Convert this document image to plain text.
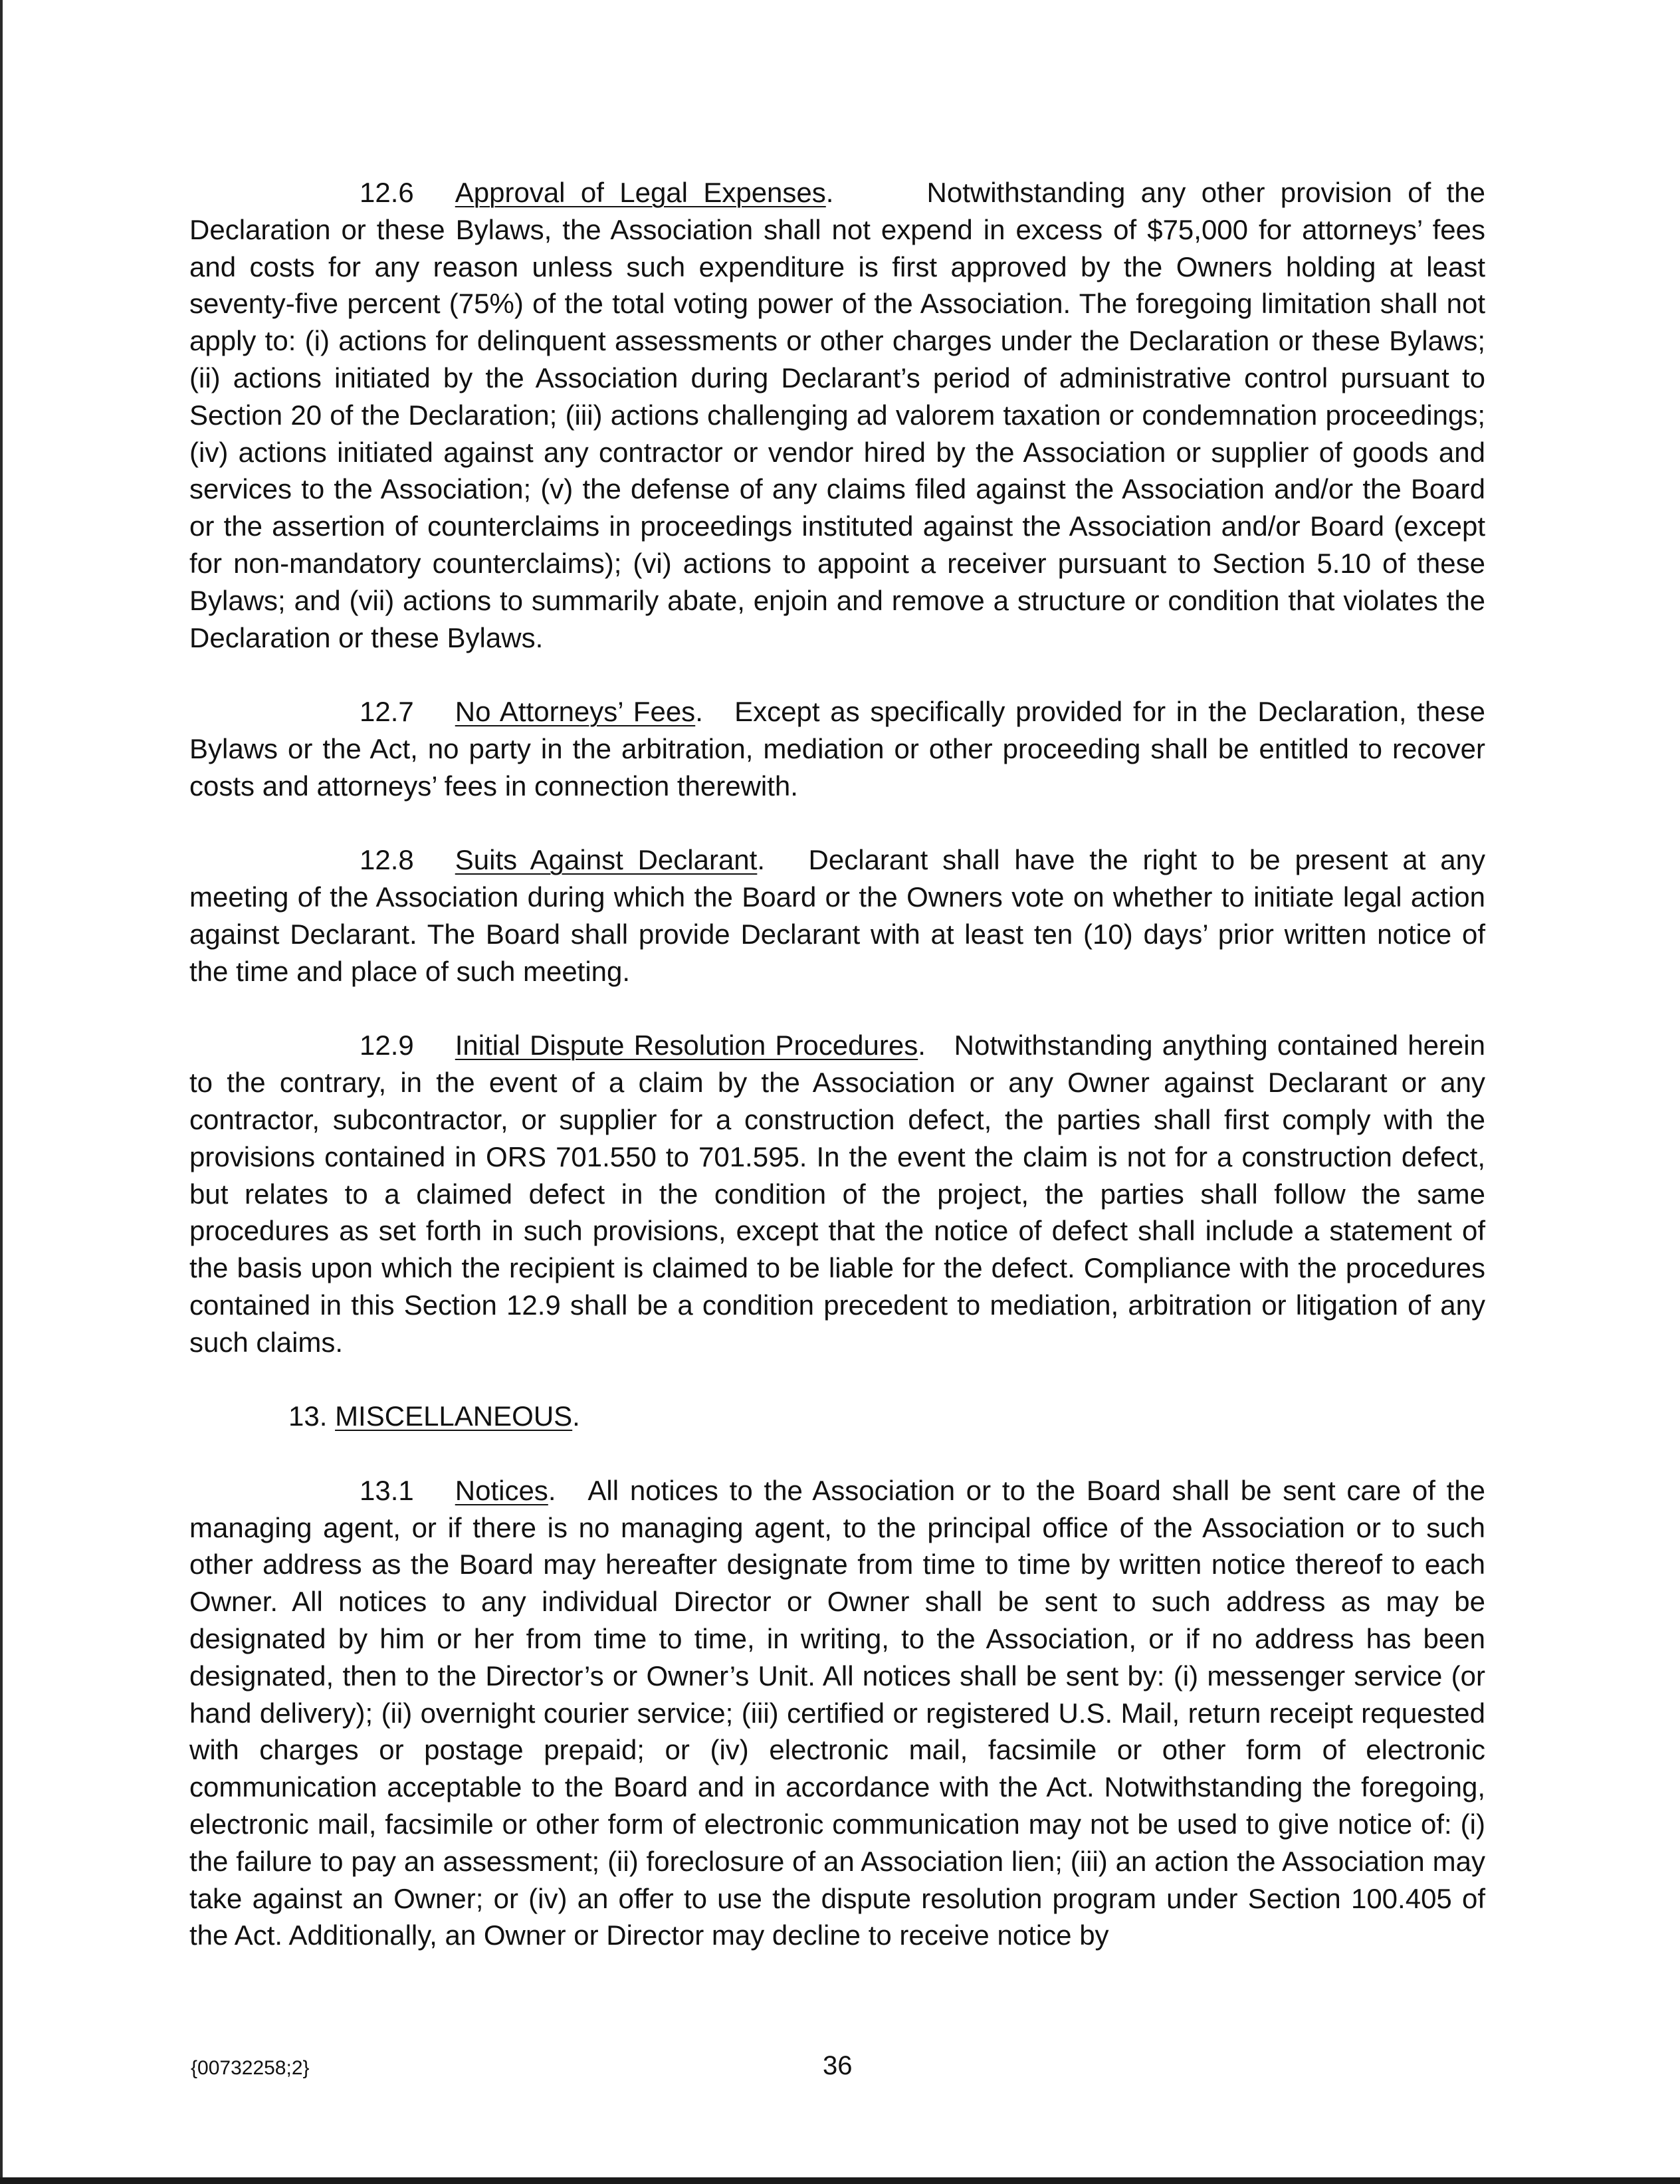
12.6 Approval of Legal Expenses.      Notwithstanding any other provision of the Declaration or these Bylaws, the Association shall not expend in excess of $75,000 for attorneys’ fees and costs for any reason unless such expenditure is first approved by the Owners holding at least seventy-five percent (75%) of the total voting power of the Association. The foregoing limitation shall not apply to: (i) actions for delinquent assessments or other charges under the Declaration or these Bylaws; (ii) actions initiated by the Association during Declarant’s period of administrative control pursuant to Section 20 of the Declaration; (iii) actions challenging ad valorem taxation or condemnation proceedings; (iv) actions initiated against any contractor or vendor hired by the Association or supplier of goods and services to the Association; (v) the defense of any claims filed against the Association and/or the Board or the assertion of counterclaims in proceedings instituted against the Association and/or Board (except for non-mandatory counterclaims); (vi) actions to appoint a receiver pursuant to Section 5.10 of these Bylaws; and (vii) actions to summarily abate, enjoin and remove a structure or condition that violates the Declaration or these Bylaws.

12.7 No Attorneys’ Fees.   Except as specifically provided for in the Declaration, these Bylaws or the Act, no party in the arbitration, mediation or other proceeding shall be entitled to recover costs and attorneys’ fees in connection therewith.

12.8 Suits Against Declarant.   Declarant shall have the right to be present at any meeting of the Association during which the Board or the Owners vote on whether to initiate legal action against Declarant. The Board shall provide Declarant with at least ten (10) days’ prior written notice of the time and place of such meeting.

12.9 Initial Dispute Resolution Procedures.   Notwithstanding anything contained herein to the contrary, in the event of a claim by the Association or any Owner against Declarant or any contractor, subcontractor, or supplier for a construction defect, the parties shall first comply with the provisions contained in ORS 701.550 to 701.595. In the event the claim is not for a construction defect, but relates to a claimed defect in the condition of the project, the parties shall follow the same procedures as set forth in such provisions, except that the notice of defect shall include a statement of the basis upon which the recipient is claimed to be liable for the defect. Compliance with the procedures contained in this Section 12.9 shall be a condition precedent to mediation, arbitration or litigation of any such claims.

13. MISCELLANEOUS.

13.1 Notices.   All notices to the Association or to the Board shall be sent care of the managing agent, or if there is no managing agent, to the principal office of the Association or to such other address as the Board may hereafter designate from time to time by written notice thereof to each Owner. All notices to any individual Director or Owner shall be sent to such address as may be designated by him or her from time to time, in writing, to the Association, or if no address has been designated, then to the Director’s or Owner’s Unit. All notices shall be sent by: (i) messenger service (or hand delivery); (ii) overnight courier service; (iii) certified or registered U.S. Mail, return receipt requested with charges or postage prepaid; or (iv) electronic mail, facsimile or other form of electronic communication acceptable to the Board and in accordance with the Act. Notwithstanding the foregoing, electronic mail, facsimile or other form of electronic communication may not be used to give notice of: (i) the failure to pay an assessment; (ii) foreclosure of an Association lien; (iii) an action the Association may take against an Owner; or (iv) an offer to use the dispute resolution program under Section 100.405 of the Act. Additionally, an Owner or Director may decline to receive notice by

{00732258;2}	36
